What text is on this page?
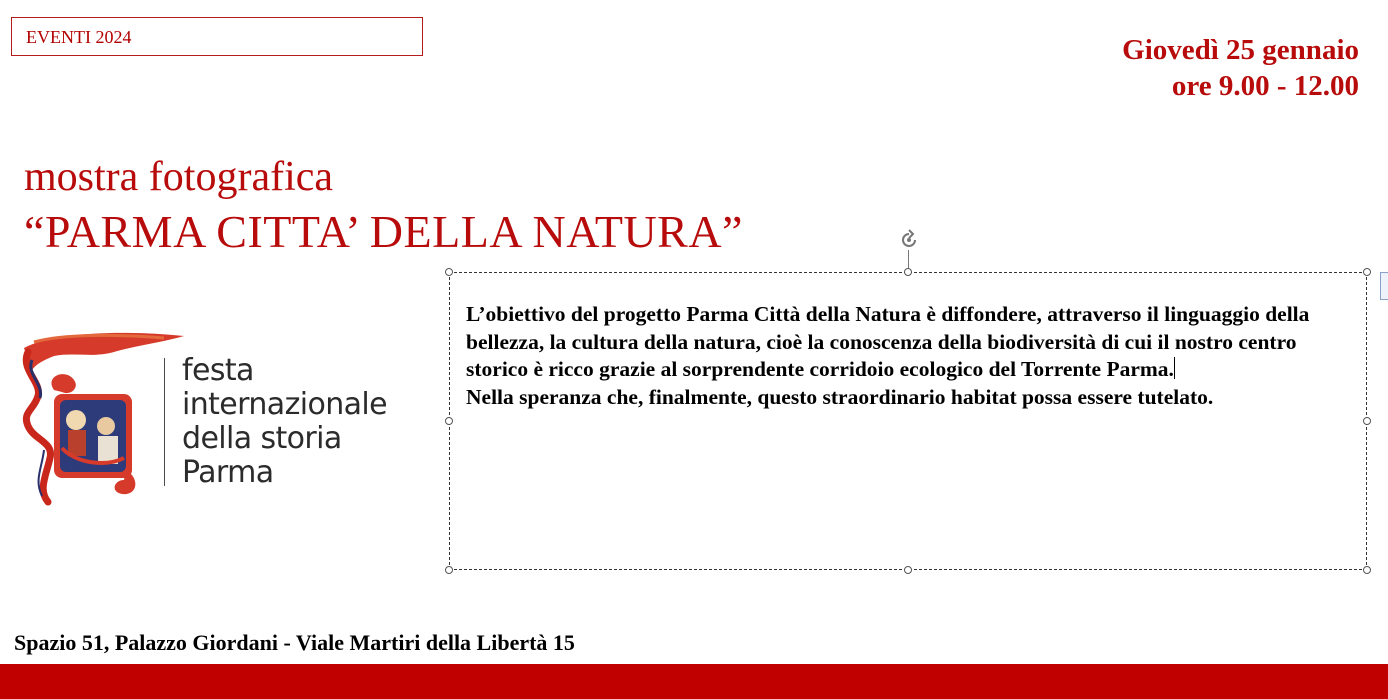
EVENTI 2024	Giovedì 25 gennaio
ore 9.00 - 12.00
mostra fotografica
“PARMA CITTA’ DELLA NATURA”
festa
internazionale
della storia
Parma
L’obiettivo del progetto Parma Città della Natura è diffondere, attraverso il linguaggio della bellezza, la cultura della natura, cioè la conoscenza della biodiversità di cui il nostro centro storico è ricco grazie al sorprendente corridoio ecologico del Torrente Parma.
Nella speranza che, finalmente, questo straordinario habitat possa essere tutelato.
Spazio 51, Palazzo Giordani - Viale Martiri della Libertà 15
